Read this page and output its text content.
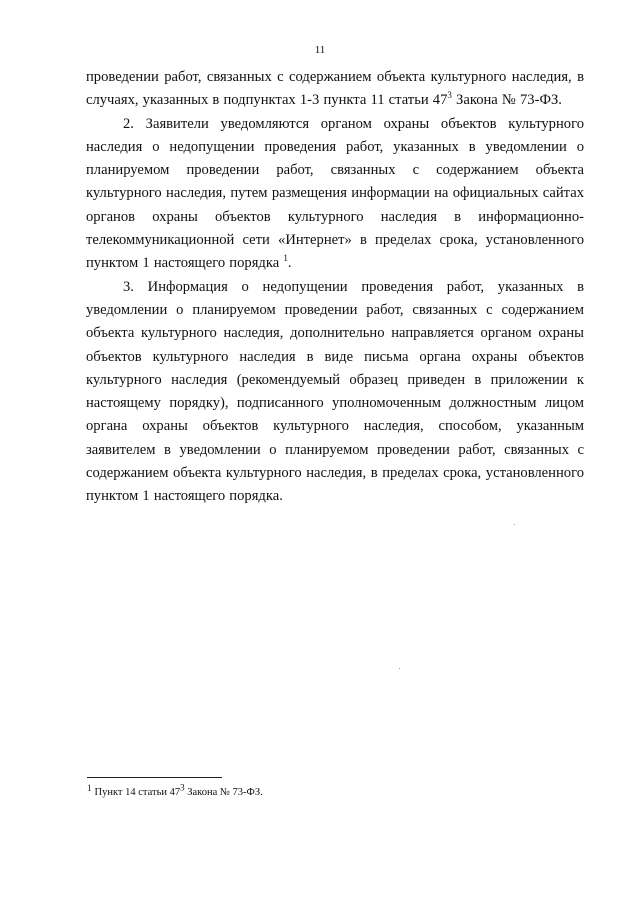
11

проведении работ, связанных с содержанием объекта культурного наследия, в случаях, указанных в подпунктах 1-3 пункта 11 статьи $47^3$ Закона № 73-ФЗ.

2. Заявители уведомляются органом охраны объектов культурного наследия о недопущении проведения работ, указанных в уведомлении о планируемом проведении работ, связанных с содержанием объекта культурного наследия, путем размещения информации на официальных сайтах органов охраны объектов культурного наследия в информационно-телекоммуникационной сети «Интернет» в пределах срока, установленного пунктом 1 настоящего порядка $^1$.

3. Информация о недопущении проведения работ, указанных в уведомлении о планируемом проведении работ, связанных с содержанием объекта культурного наследия, дополнительно направляется органом охраны объектов культурного наследия в виде письма органа охраны объектов культурного наследия (рекомендуемый образец приведен в приложении к настоящему порядку), подписанного уполномоченным должностным лицом органа охраны объектов культурного наследия, способом, указанным заявителем в уведомлении о планируемом проведении работ, связанных с содержанием объекта культурного наследия, в пределах срока, установленного пунктом 1 настоящего порядка.

1 Пункт 14 статьи $47^3$ Закона № 73-ФЗ.
